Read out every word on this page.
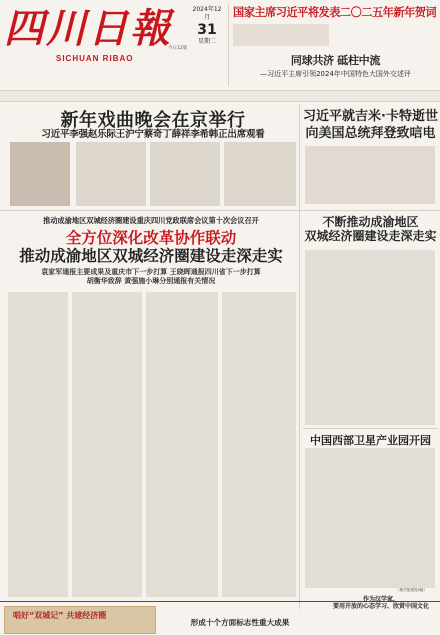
四川日報
SICHUAN RIBAO
2024年12月
31
星期二
今日12版
国家主席习近平将发表二〇二五年新年贺词
同球共济 砥柱中流
—习近平主席引领2024年中国特色大国外交述评
新年戏曲晚会在京举行
习近平李强赵乐际王沪宁蔡奇丁薛祥李希韩正出席观看
习近平就吉米·卡特逝世向美国总统拜登致唁电
推动成渝地区双城经济圈建设重庆四川党政联席会议第十次会议召开
全方位深化改革协作联动
推动成渝地区双城经济圈建设走深走实
袁家军通报主要成果及重庆市下一步打算 王晓晖通报四川省下一步打算
胡衡华致辞 黄强施小琳分别通报有关情况
不断推动成渝地区
双城经济圈建设走深走实
中国西部卫星产业园开园
唱好“双城记” 共建经济圈
形成十个方面标志性重大成果
作为汉学家，
要用开放的心态学习、欣赏中国文化
（相关报道见4版）
